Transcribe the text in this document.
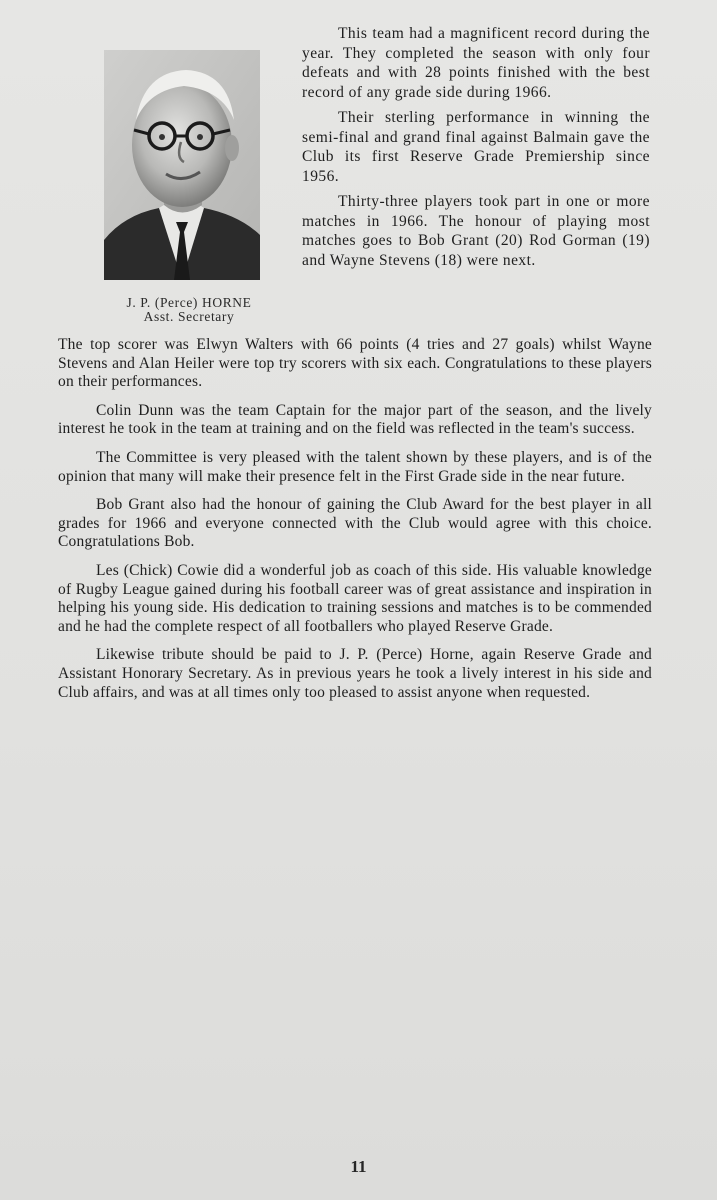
J. P. (Perce) HORNE
Asst. Secretary

This team had a magnificent record during the year. They completed the season with only four defeats and with 28 points finished with the best record of any grade side during 1966.

Their sterling performance in winning the semi-final and grand final against Balmain gave the Club its first Reserve Grade Premiership since 1956.

Thirty-three players took part in one or more matches in 1966. The honour of playing most matches goes to Bob Grant (20) Rod Gorman (19) and Wayne Stevens (18) were next.

The top scorer was Elwyn Walters with 66 points (4 tries and 27 goals) whilst Wayne Stevens and Alan Heiler were top try scorers with six each. Congratulations to these players on their performances.

Colin Dunn was the team Captain for the major part of the season, and the lively interest he took in the team at training and on the field was reflected in the team's success.

The Committee is very pleased with the talent shown by these players, and is of the opinion that many will make their presence felt in the First Grade side in the near future.

Bob Grant also had the honour of gaining the Club Award for the best player in all grades for 1966 and everyone connected with the Club would agree with this choice. Congratulations Bob.

Les (Chick) Cowie did a wonderful job as coach of this side. His valuable knowledge of Rugby League gained during his football career was of great assistance and inspiration in helping his young side. His dedication to training sessions and matches is to be commended and he had the complete respect of all footballers who played Reserve Grade.

Likewise tribute should be paid to J. P. (Perce) Horne, again Reserve Grade and Assistant Honorary Secretary. As in previous years he took a lively interest in his side and Club affairs, and was at all times only too pleased to assist anyone when requested.

11
